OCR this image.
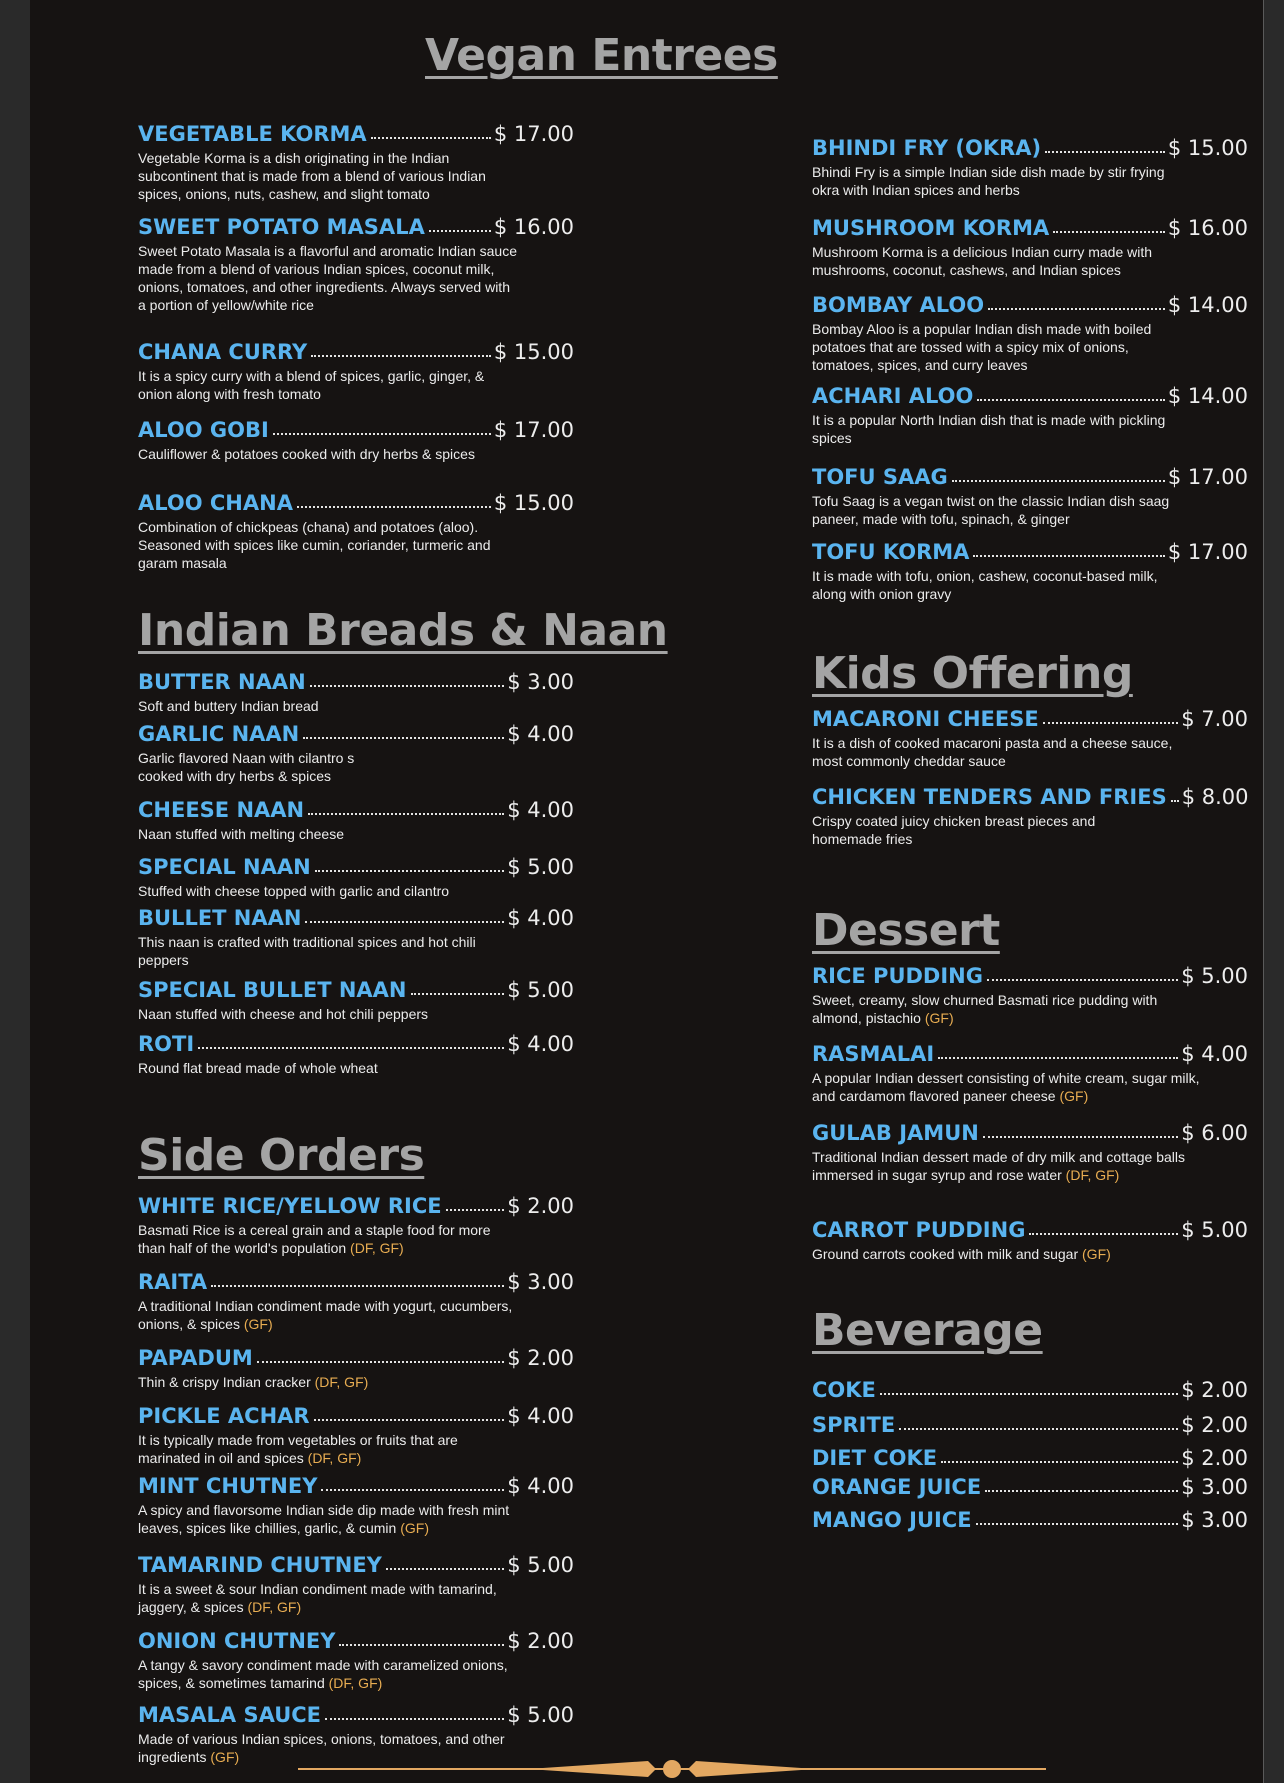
Vegan Entrees
VEGETABLE KORMA	$ 17.00

Vegetable Korma is a dish originating in the Indian subcontinent that is made from a blend of various Indian spices, onions, nuts, cashew, and slight tomato

SWEET POTATO MASALA	$ 16.00

Sweet Potato Masala is a flavorful and aromatic Indian sauce made from a blend of various Indian spices, coconut milk, onions, tomatoes, and other ingredients. Always served with a portion of yellow/white rice

CHANA CURRY	$ 15.00

It is a spicy curry with a blend of spices, garlic, ginger, & onion along with fresh tomato

ALOO GOBI	$ 17.00

Cauliflower & potatoes cooked with dry herbs & spices

ALOO CHANA	$ 15.00

Combination of chickpeas (chana) and potatoes (aloo). Seasoned with spices like cumin, coriander, turmeric and garam masala

Indian Breads & Naan
BUTTER NAAN	$ 3.00

Soft and buttery Indian bread

GARLIC NAAN	$ 4.00

Garlic flavored Naan with cilantro s cooked with dry herbs & spices

CHEESE NAAN	$ 4.00

Naan stuffed with melting cheese

SPECIAL NAAN	$ 5.00

Stuffed with cheese topped with garlic and cilantro

BULLET NAAN	$ 4.00

This naan is crafted with traditional spices and hot chili peppers

SPECIAL BULLET NAAN	$ 5.00

Naan stuffed with cheese and hot chili peppers

ROTI	$ 4.00

Round flat bread made of whole wheat

Side Orders
WHITE RICE/YELLOW RICE	$ 2.00

Basmati Rice is a cereal grain and a staple food for more than half of the world's population (DF, GF)

RAITA	$ 3.00

A traditional Indian condiment made with yogurt, cucumbers, onions, & spices (GF)

PAPADUM	$ 2.00

Thin & crispy Indian cracker (DF, GF)

PICKLE ACHAR	$ 4.00

It is typically made from vegetables or fruits that are marinated in oil and spices (DF, GF)

MINT CHUTNEY	$ 4.00

A spicy and flavorsome Indian side dip made with fresh mint leaves, spices like chillies, garlic, & cumin (GF)

TAMARIND CHUTNEY	$ 5.00

It is a sweet & sour Indian condiment made with tamarind, jaggery, & spices (DF, GF)

ONION CHUTNEY	$ 2.00

A tangy & savory condiment made with caramelized onions, spices, & sometimes tamarind (DF, GF)

MASALA SAUCE	$ 5.00

Made of various Indian spices, onions, tomatoes, and other ingredients (GF)

BHINDI FRY (OKRA)	$ 15.00

Bhindi Fry is a simple Indian side dish made by stir frying okra with Indian spices and herbs

MUSHROOM KORMA	$ 16.00

Mushroom Korma is a delicious Indian curry made with mushrooms, coconut, cashews, and Indian spices

BOMBAY ALOO	$ 14.00

Bombay Aloo is a popular Indian dish made with boiled potatoes that are tossed with a spicy mix of onions, tomatoes, spices, and curry leaves

ACHARI ALOO	$ 14.00

It is a popular North Indian dish that is made with pickling spices

TOFU SAAG	$ 17.00

Tofu Saag is a vegan twist on the classic Indian dish saag paneer, made with tofu, spinach, & ginger

TOFU KORMA	$ 17.00

It is made with tofu, onion, cashew, coconut-based milk, along with onion gravy

Kids Offering
MACARONI CHEESE	$ 7.00

It is a dish of cooked macaroni pasta and a cheese sauce, most commonly cheddar sauce

CHICKEN TENDERS AND FRIES $ 8.00

Crispy coated juicy chicken breast pieces and homemade fries

Dessert
RICE PUDDING	$ 5.00

Sweet, creamy, slow churned Basmati rice pudding with almond, pistachio (GF)

RASMALAI	$ 4.00

A popular Indian dessert consisting of white cream, sugar milk, and cardamom flavored paneer cheese (GF)

GULAB JAMUN	$ 6.00

Traditional Indian dessert made of dry milk and cottage balls immersed in sugar syrup and rose water (DF, GF)

CARROT PUDDING	$ 5.00

Ground carrots cooked with milk and sugar (GF)

Beverage
COKE	$ 2.00
SPRITE	$ 2.00
DIET COKE	$ 2.00
ORANGE JUICE	$ 3.00
MANGO JUICE	$ 3.00
